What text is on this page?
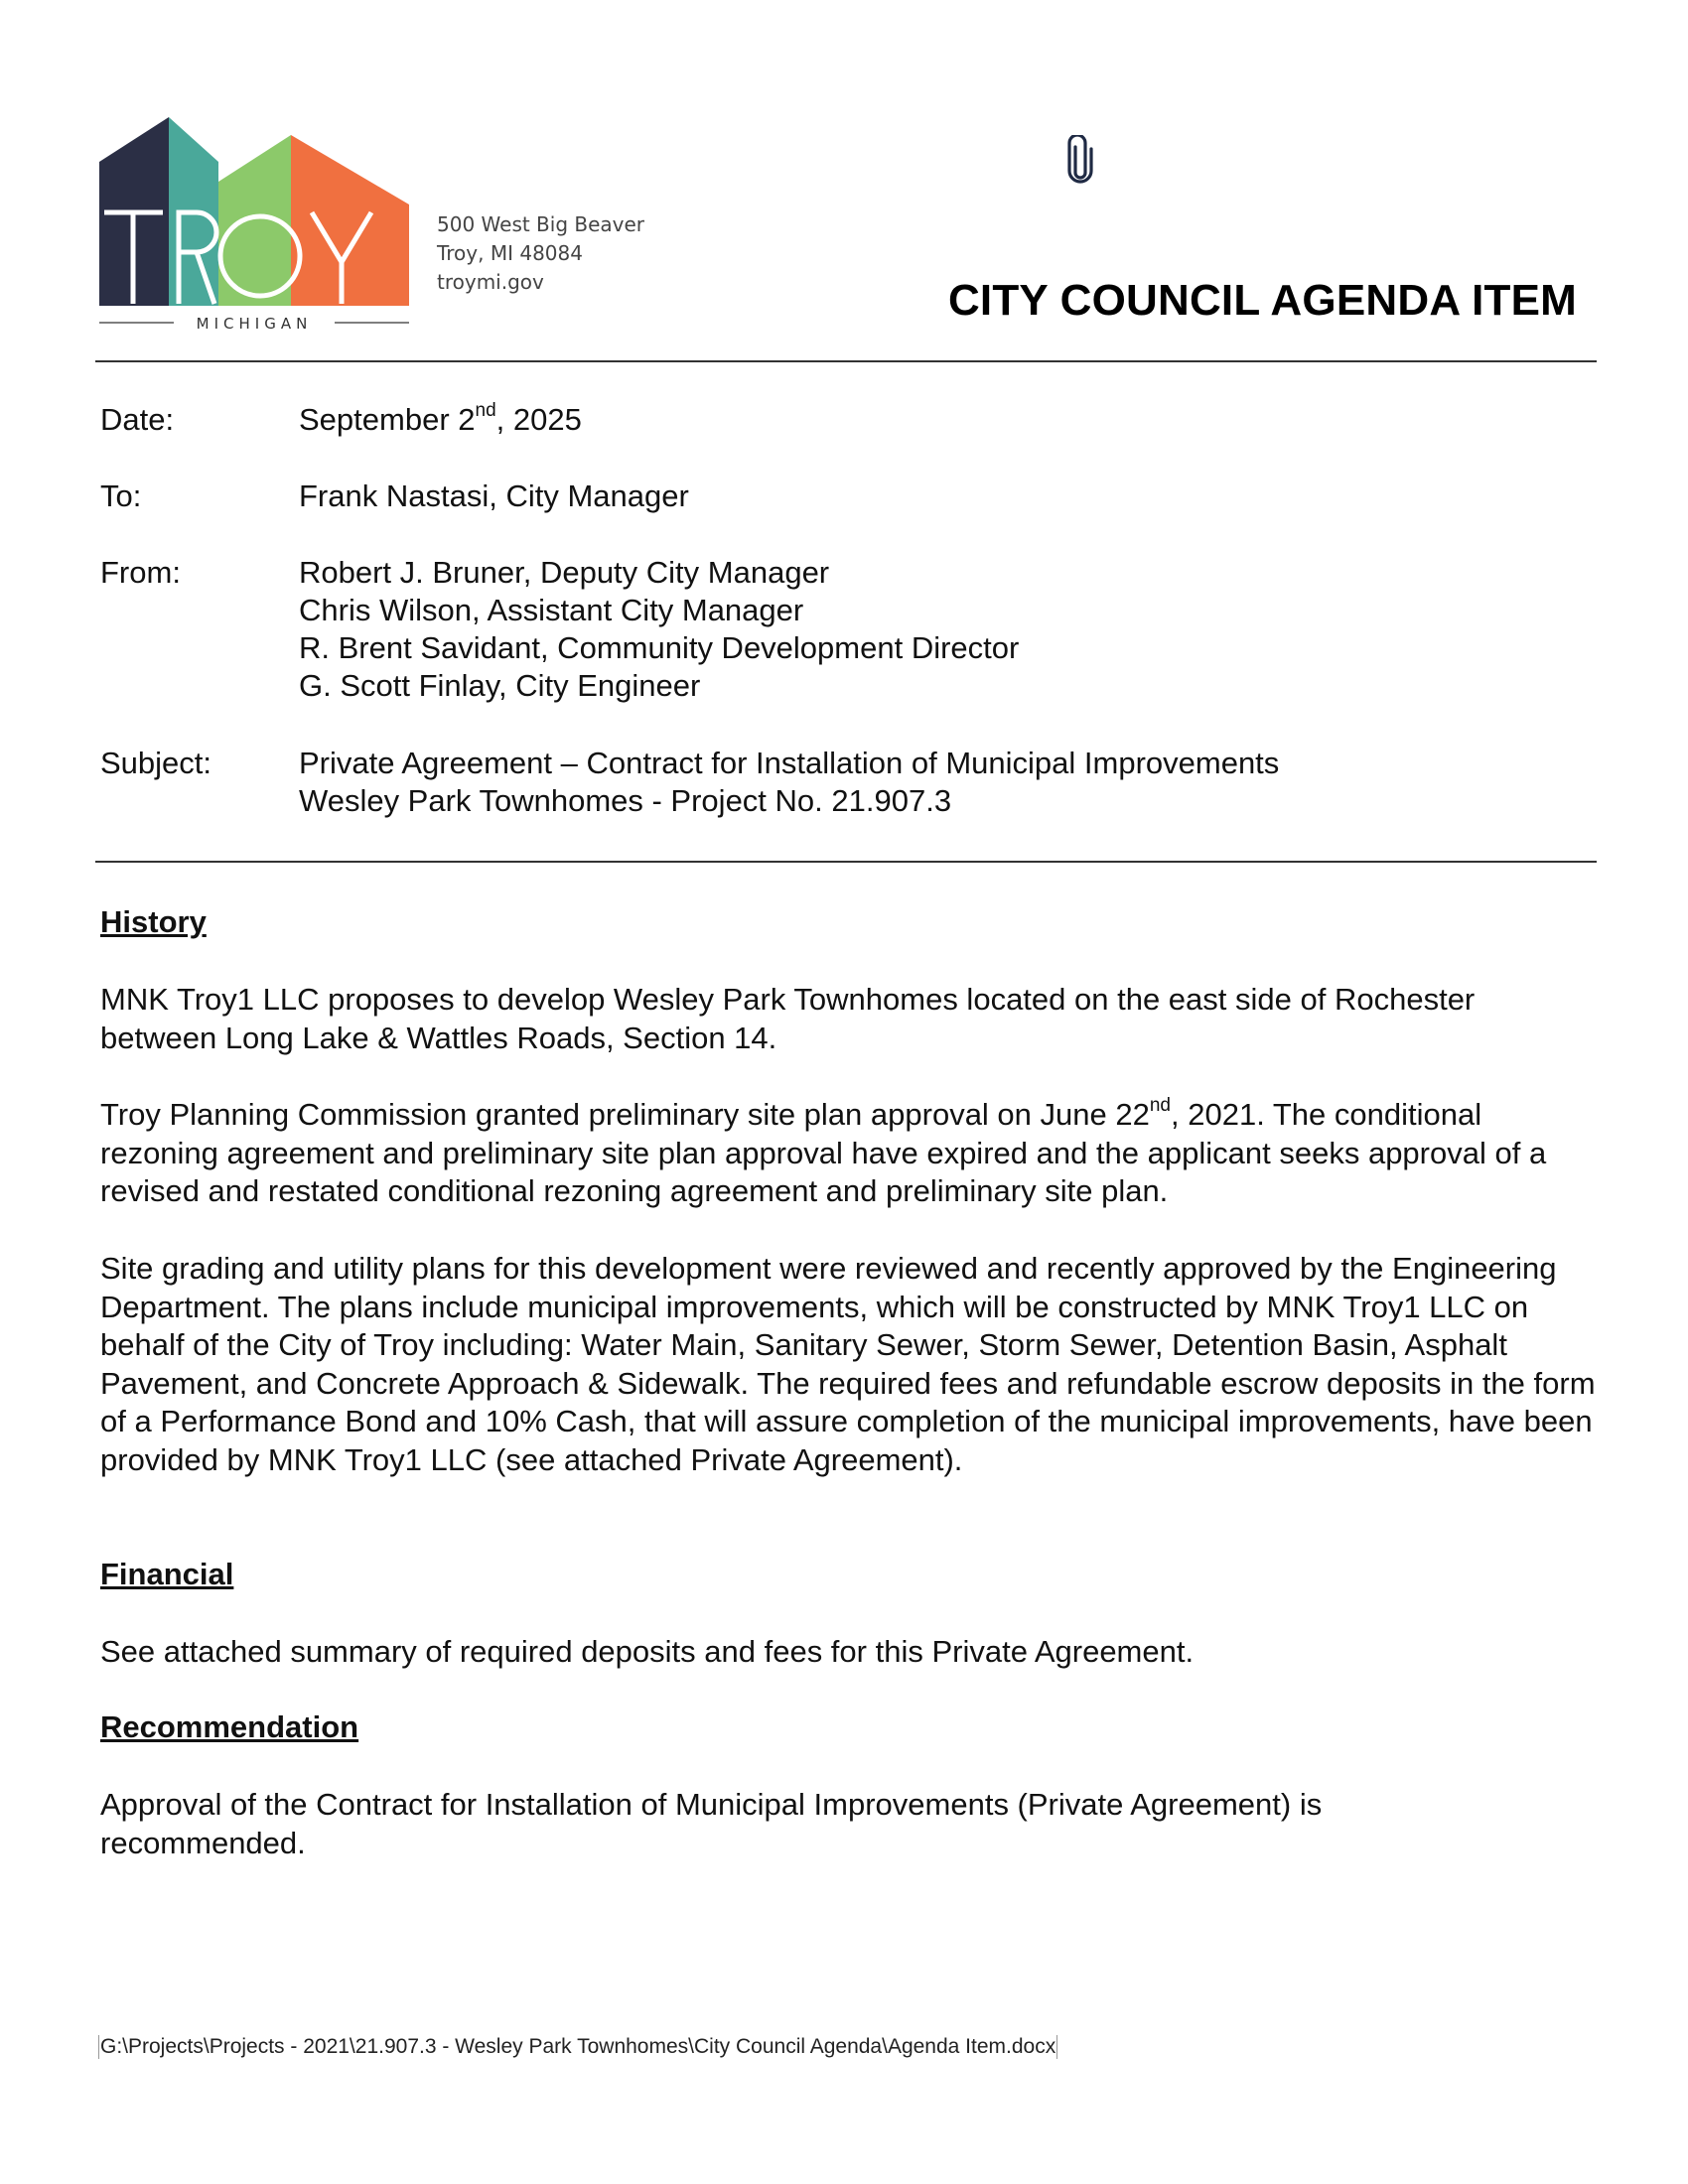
MICHIGAN
500 West Big Beaver
Troy, MI 48084
troymi.gov	CITY COUNCIL AGENDA ITEM
Date:	September 2nd, 2025
To:	Frank Nastasi, City Manager
From:	Robert J. Bruner, Deputy City Manager
Chris Wilson, Assistant City Manager
R. Brent Savidant, Community Development Director
G. Scott Finlay, City Engineer
Subject:	Private Agreement – Contract for Installation of Municipal Improvements
Wesley Park Townhomes - Project No. 21.907.3
History

MNK Troy1 LLC proposes to develop Wesley Park Townhomes located on the east side of Rochester between Long Lake & Wattles Roads, Section 14.

Troy Planning Commission granted preliminary site plan approval on June 22nd, 2021. The conditional rezoning agreement and preliminary site plan approval have expired and the applicant seeks approval of a revised and restated conditional rezoning agreement and preliminary site plan.

Site grading and utility plans for this development were reviewed and recently approved by the Engineering Department. The plans include municipal improvements, which will be constructed by MNK Troy1 LLC on behalf of the City of Troy including: Water Main, Sanitary Sewer, Storm Sewer, Detention Basin, Asphalt Pavement, and Concrete Approach & Sidewalk. The required fees and refundable escrow deposits in the form of a Performance Bond and 10% Cash, that will assure completion of the municipal improvements, have been provided by MNK Troy1 LLC (see attached Private Agreement).

Financial

See attached summary of required deposits and fees for this Private Agreement.

Recommendation

Approval of the Contract for Installation of Municipal Improvements (Private Agreement) is recommended.

G:\Projects\Projects - 2021\21.907.3 - Wesley Park Townhomes\City Council Agenda\Agenda Item.docx
